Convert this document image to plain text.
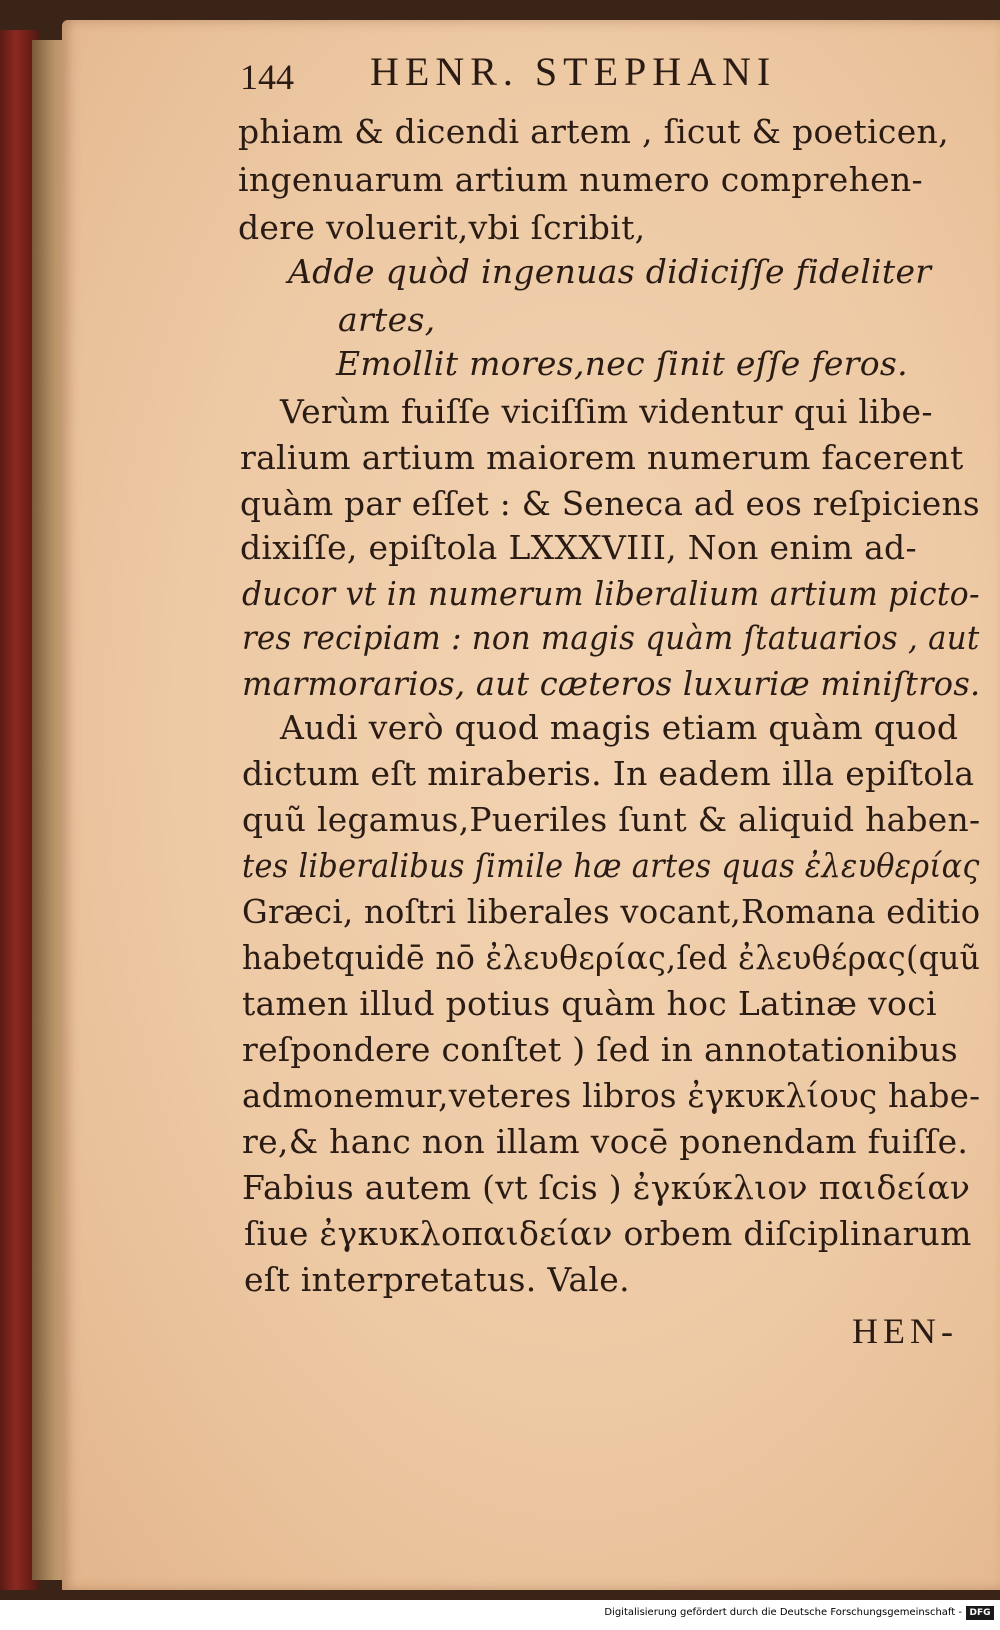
144 HENR. STEPHANI
phiam & dicendi artem , ſicut & poeticen,
ingenuarum artium numero comprehen-
dere voluerit,vbi ſcribit,
Adde quòd ingenuas didiciſſe fideliter
artes,
Emollit mores,nec ſinit eſſe feros.
Verùm fuiſſe viciſſim videntur qui libe-
ralium artium maiorem numerum facerent
quàm par eſſet : & Seneca ad eos reſpiciens
dixiſſe, epiſtola LXXXVIII, Non enim ad-
ducor vt in numerum liberalium artium picto-
res recipiam : non magis quàm ſtatuarios , aut
marmorarios, aut cæteros luxuriæ miniſtros.
Audi verò quod magis etiam quàm quod
dictum eſt miraberis. In eadem illa epiſtola
quũ legamus,Pueriles ſunt & aliquid haben-
tes liberalibus ſimile hæ artes quas ἐλευθερίας
Græci, noſtri liberales vocant,Romana editio
habetquidē nō ἐλευθερίας,ſed ἐλευθέρας(quũ
tamen illud potius quàm hoc Latinæ voci
reſpondere conſtet ) ſed in annotationibus
admonemur,veteres libros ἐγκυκλίους habe-
re,& hanc non illam vocē ponendam fuiſſe.
Fabius autem (vt ſcis ) ἐγκύκλιον παιδείαν
ſiue ἐγκυκλοπαιδείαν orbem diſciplinarum
eſt interpretatus. Vale.
HEN-
Digitalisierung gefördert durch die Deutsche Forschungsgemeinschaft - DFG
